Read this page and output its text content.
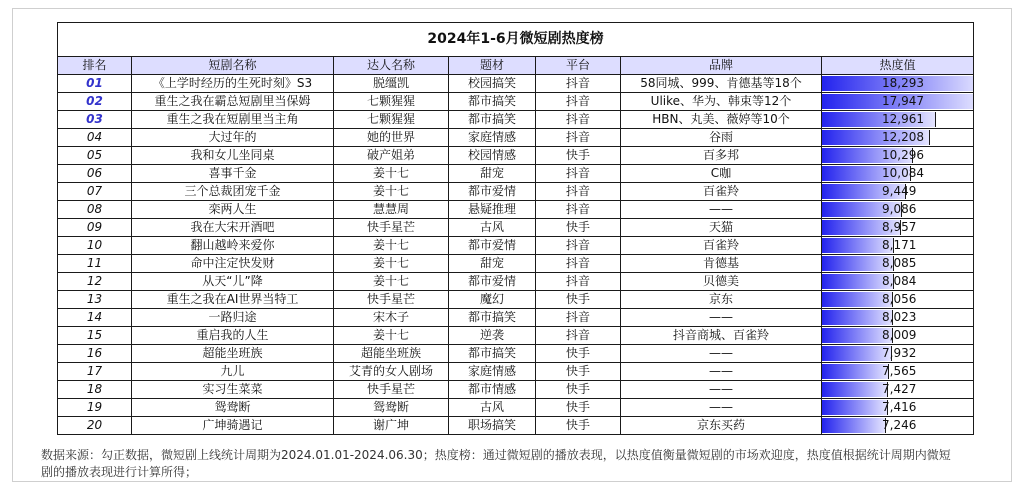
2024年1-6月微短剧热度榜						
排名	短剧名称	达人名称	题材	平台	品牌	热度值
01	《上学时经历的生死时刻》S3	脱缰凯	校园搞笑	抖音	58同城、999、肯德基等18个	18,293

02	重生之我在霸总短剧里当保姆	七颗猩猩	都市搞笑	抖音	Ulike、华为、韩束等12个	17,947

03	重生之我在短剧里当主角	七颗猩猩	都市搞笑	抖音	HBN、丸美、薇婷等10个	12,961

04	大过年的	她的世界	家庭情感	抖音	谷雨	12,208

05	我和女儿坐同桌	破产姐弟	校园情感	快手	百多邦	10,296

06	喜事千金	姜十七	甜宠	抖音	C咖	10,084

07	三个总裁团宠千金	姜十七	都市爱情	抖音	百雀羚	9,449

08	栾两人生	慧慧周	悬疑推理	抖音	——	9,086

09	我在大宋开酒吧	快手星芒	古风	快手	天猫	8,957

10	翻山越岭来爱你	姜十七	都市爱情	抖音	百雀羚	8,171

11	命中注定快发财	姜十七	甜宠	抖音	肯德基	8,085

12	从天“儿”降	姜十七	都市爱情	抖音	贝德美	8,084

13	重生之我在AI世界当特工	快手星芒	魔幻	快手	京东	8,056

14	一路归途	宋木子	都市搞笑	抖音	——	8,023

15	重启我的人生	姜十七	逆袭	抖音	抖音商城、百雀羚	8,009

16	超能坐班族	超能坐班族	都市搞笑	快手	——	7,932

17	九儿	艾青的女人剧场	家庭情感	快手	——	7,565

18	实习生菜菜	快手星芒	都市情感	快手	——	7,427

19	鸳鸯断	鸳鸯断	古风	快手	——	7,416

20	广坤骑遇记	谢广坤	职场搞笑	快手	京东买药	7,246
数据来源：勾正数据，微短剧上线统计周期为2024.01.01-2024.06.30；热度榜：通过微短剧的播放表现，以热度值衡量微短剧的市场欢迎度，热度值根据统计周期内微短剧的播放表现进行计算所得；
